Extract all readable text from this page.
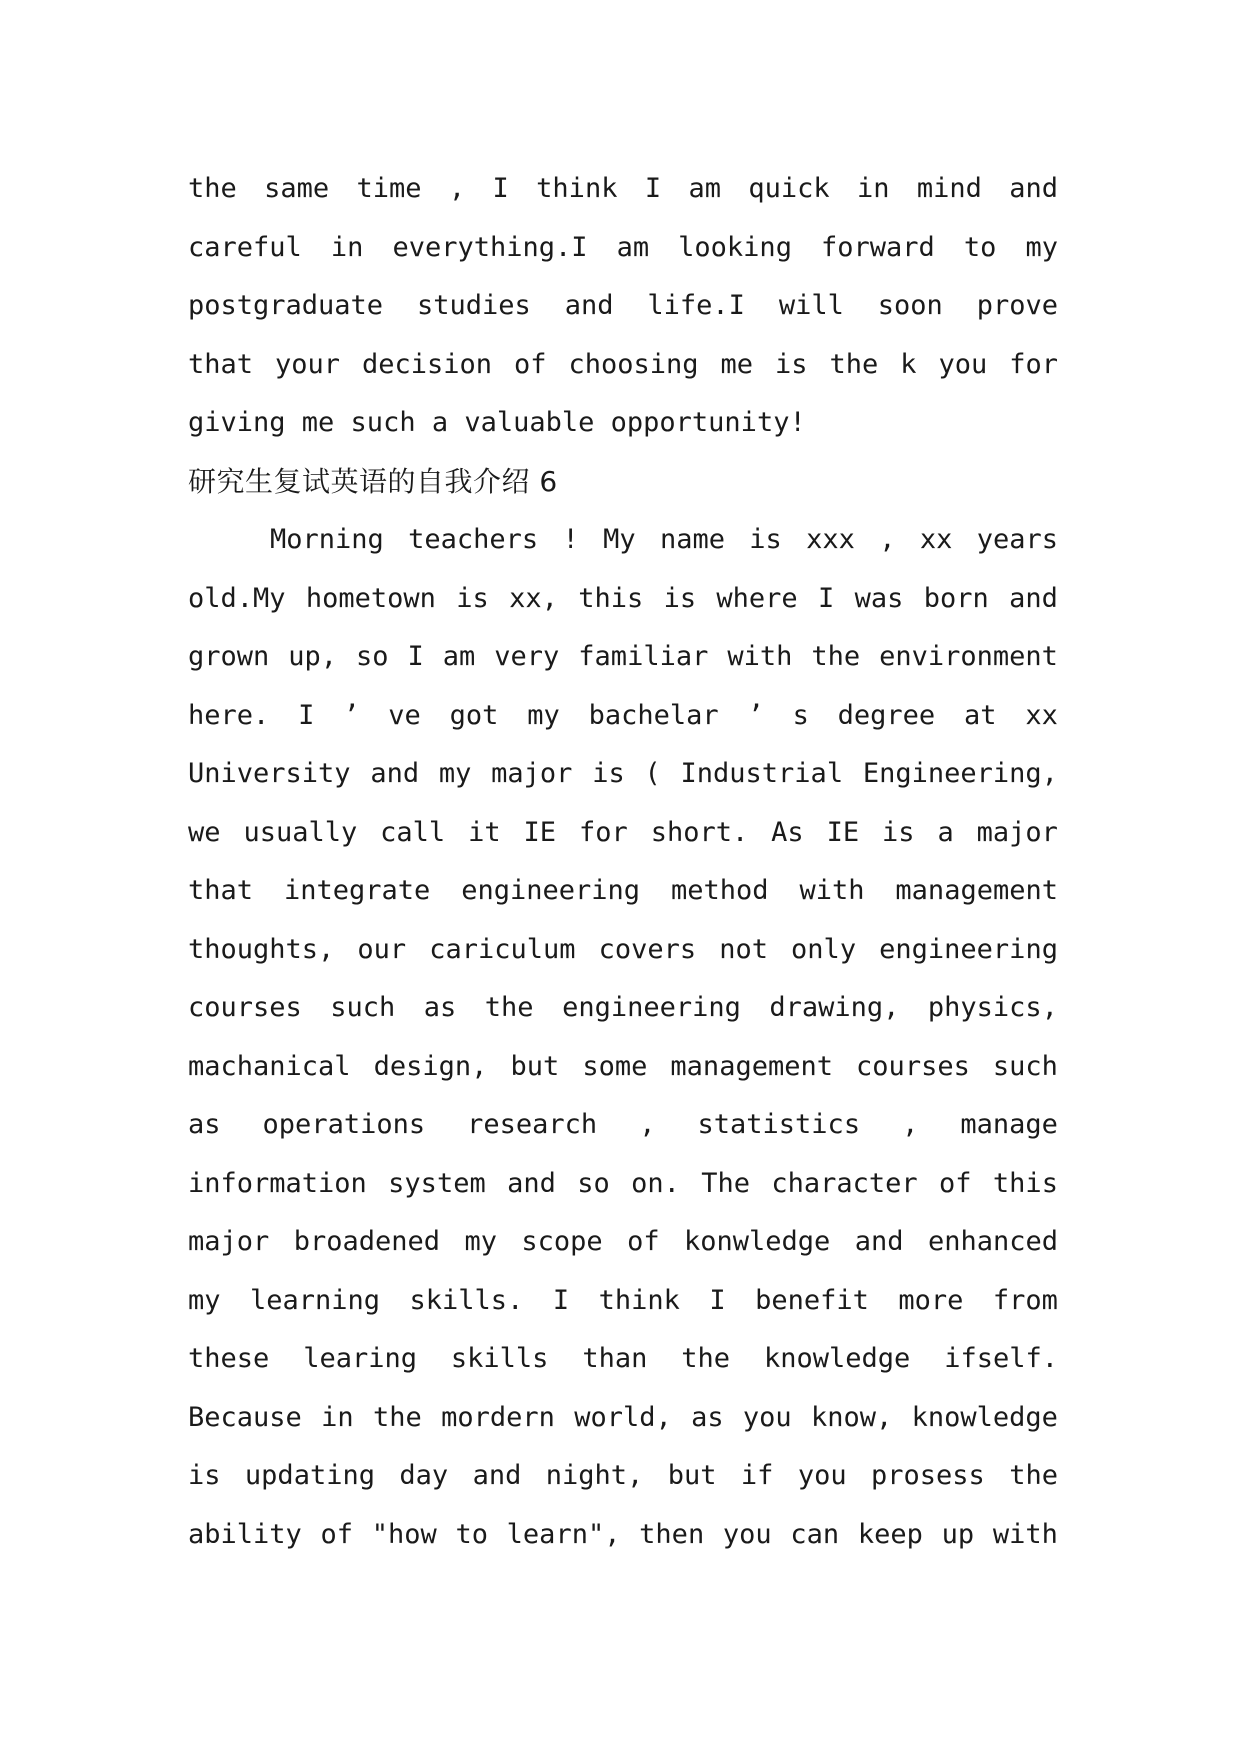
the same time , I think I am quick in mind and
careful in everything.I am looking forward to my
postgraduate studies and life.I will soon prove
that your decision of choosing me is the k you for
giving me such a valuable opportunity!
研究生复试英语的自我介绍 6
Morning teachers ! My name is xxx , xx years
old.My hometown is xx, this is where I was born and
grown up, so I am very familiar with the environment
here. I ’ ve got my bachelar ’ s degree at xx
University and my major is ( Industrial Engineering,
we usually call it IE for short. As IE is a major
that integrate engineering method with management
thoughts, our cariculum covers not only engineering
courses such as the engineering drawing, physics,
machanical design, but some management courses such
as operations research , statistics , manage
information system and so on. The character of this
major broadened my scope of konwledge and enhanced
my learning skills. I think I benefit more from
these learing skills than the knowledge ifself.
Because in the mordern world, as you know, knowledge
is updating day and night, but if you prosess the
ability of "how to learn", then you can keep up with
